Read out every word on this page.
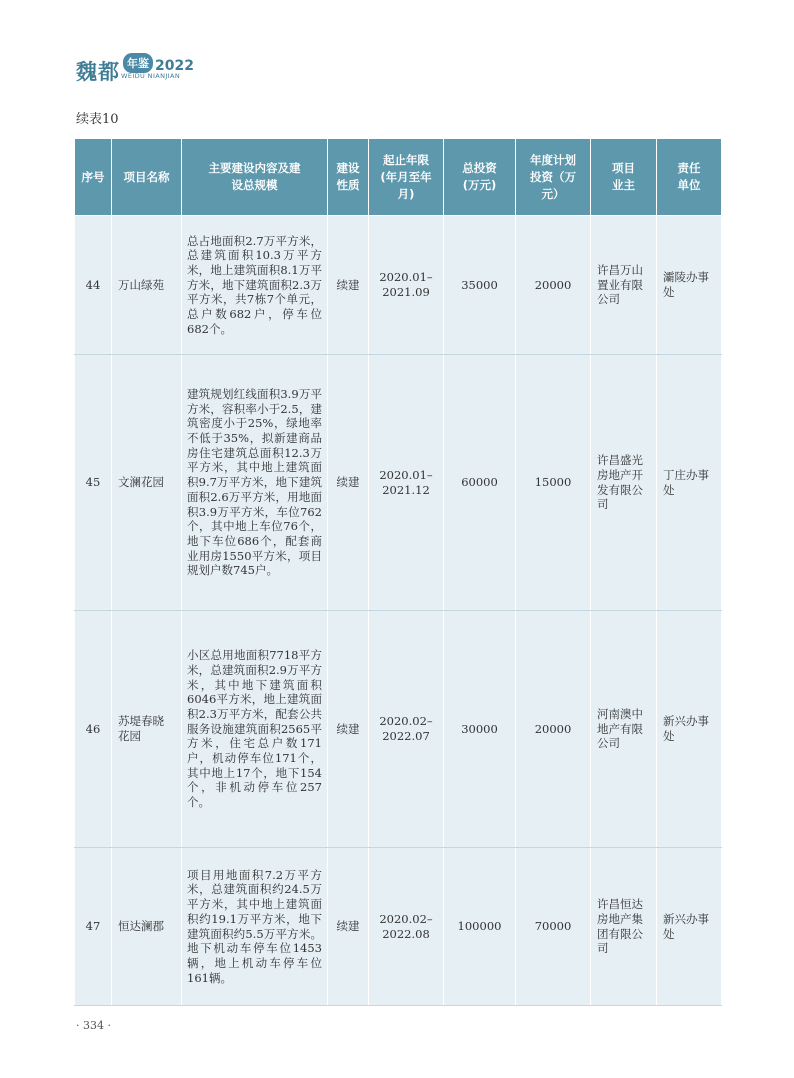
魏都 年鉴 2022
WEIDU NIANJIAN
续表10
序号	项目名称	主要建设内容及建设总规模	建设性质	起止年限(年月至年月)	总投资(万元)	年度计划投资（万元）	项目业主	责任单位
44	万山绿苑	总占地面积2.7万平方米，总建筑面积10.3万平方米，地上建筑面积8.1万平方米，地下建筑面积2.3万平方米，共7栋7个单元，总户数682户，停车位682个。	续建	2020.01–2021.09	35000	20000	许昌万山置业有限公司	灞陵办事处
45	文澜花园	建筑规划红线面积3.9万平方米，容积率小于2.5，建筑密度小于25%，绿地率不低于35%，拟新建商品房住宅建筑总面积12.3万平方米，其中地上建筑面积9.7万平方米，地下建筑面积2.6万平方米，用地面积3.9万平方米，车位762个，其中地上车位76个，地下车位686个，配套商业用房1550平方米，项目规划户数745户。	续建	2020.01–2021.12	60000	15000	许昌盛光房地产开发有限公司	丁庄办事处
46	苏堤春晓花园	小区总用地面积7718平方米，总建筑面积2.9万平方米，其中地下建筑面积6046平方米，地上建筑面积2.3万平方米，配套公共服务设施建筑面积2565平方米，住宅总户数171户，机动停车位171个，其中地上17个，地下154个，非机动停车位257个。	续建	2020.02–2022.07	30000	20000	河南澳中地产有限公司	新兴办事处
47	恒达澜郡	项目用地面积7.2万平方米，总建筑面积约24.5万平方米，其中地上建筑面积约19.1万平方米，地下建筑面积约5.5万平方米。地下机动车停车位1453辆，地上机动车停车位161辆。	续建	2020.02–2022.08	100000	70000	许昌恒达房地产集团有限公司	新兴办事处
· 334 ·
